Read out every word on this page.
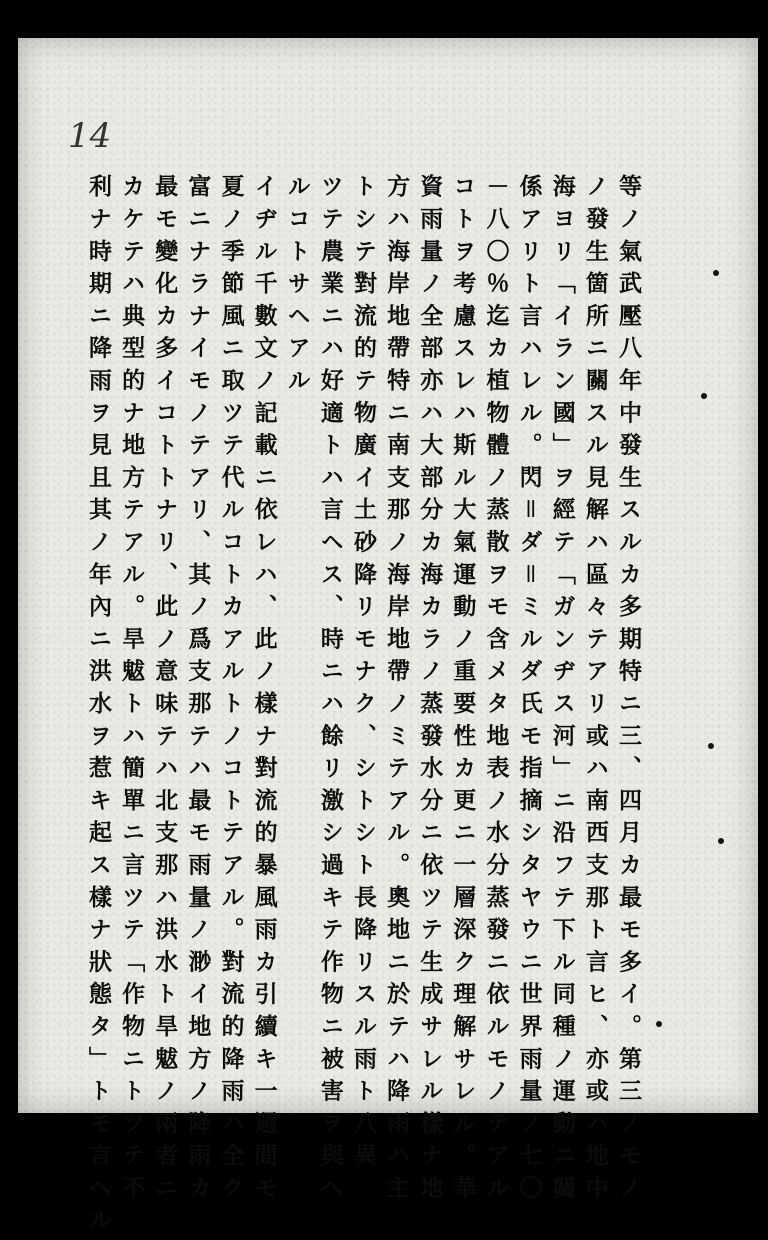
14

等ノ氣武壓八年中發生スルカ多期特ニ三、四月カ最モ多イ。第三ノモノ

ノ發生箇所ニ關スル見解ハ區々テアリ或ハ南西支那ト言ヒ、亦或ハ地中

海ヨリ「イラン國」ヲ經テ「ガンヂス河」ニ沿フテ下ル同種ノ運動ニ關

係アリト言ハレル。閃＝ダ＝ミルダ氏モ指摘シタヤウニ世界雨量ノ七〇

－八〇％迄カ植物體ノ蒸散ヲモ含メタ地表ノ水分蒸發ニ依ルモノテアル

コトヲ考慮スレハ斯ル大氣運動ノ重要性カ更ニ一層深ク理解サレル。華

資雨量ノ全部亦ハ大部分カ海カラノ蒸發水分ニ依ツテ生成サレル樣ナ地

方ハ海岸地帶特ニ南支那ノ海岸地帶ノミテアル。奧地ニ於テハ降雨ハ主

トシテ對流的テ物廣イ土砂降リモナク、シトシト長降リスル雨ト八異

ツテ農業ニハ好適トハ言ヘス、時ニハ餘リ激シ過キテ作物ニ被害ヲ與ヘ

ルコトサヘアル

イヂル千數文ノ記載ニ依レハ、此ノ樣ナ對流的暴風雨カ引續キ一週間モ

夏ノ季節風ニ取ツテ代ルコトカアルトノコトテアル。對流的降雨ハ全ク

富ニナラナイモノテアリ、其ノ爲支那テハ最モ雨量ノ渺イ地方ノ降雨カ

最モ變化カ多イコトトナリ、此ノ意味テハ北支那ハ洪水ト旱魃ノ兩者ニ

カケテハ典型的ナ地方テアル。旱魃トハ簡單ニ言ツテ「作物ニトツテ不

利ナ時期ニ降雨ヲ見且其ノ年內ニ洪水ヲ惹キ起ス樣ナ狀態タ」トモ言ヘル
